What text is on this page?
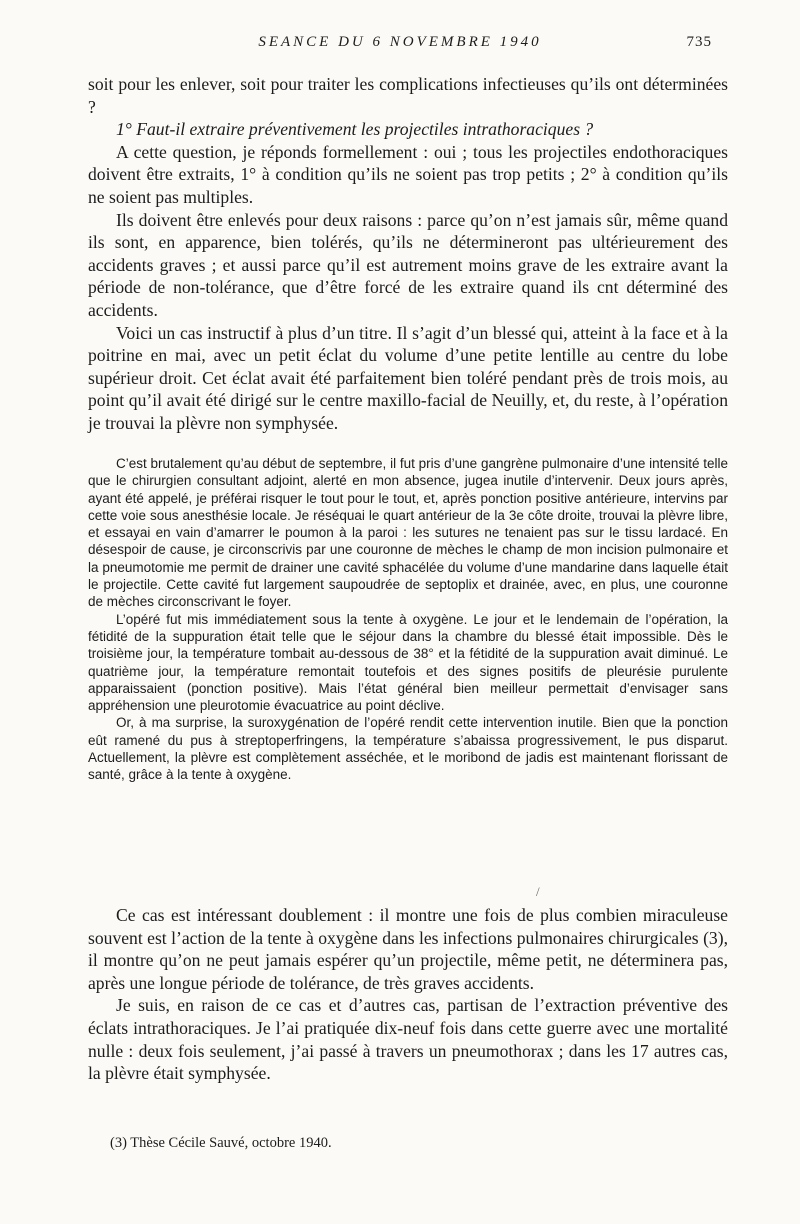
SEANCE DU 6 NOVEMBRE 1940	735

soit pour les enlever, soit pour traiter les complications infectieuses qu’ils ont déterminées ?

1° Faut-il extraire préventivement les projectiles intrathoraciques ?

A cette question, je réponds formellement : oui ; tous les projectiles endothoraciques doivent être extraits, 1° à condition qu’ils ne soient pas trop petits ; 2° à condition qu’ils ne soient pas multiples.

Ils doivent être enlevés pour deux raisons : parce qu’on n’est jamais sûr, même quand ils sont, en apparence, bien tolérés, qu’ils ne détermineront pas ultérieurement des accidents graves ; et aussi parce qu’il est autrement moins grave de les extraire avant la période de non-tolérance, que d’être forcé de les extraire quand ils cnt déterminé des accidents.

Voici un cas instructif à plus d’un titre. Il s’agit d’un blessé qui, atteint à la face et à la poitrine en mai, avec un petit éclat du volume d’une petite lentille au centre du lobe supérieur droit. Cet éclat avait été parfaitement bien toléré pendant près de trois mois, au point qu’il avait été dirigé sur le centre maxillo-facial de Neuilly, et, du reste, à l’opération je trouvai la plèvre non symphysée.

C’est brutalement qu’au début de septembre, il fut pris d’une gangrène pulmonaire d’une intensité telle que le chirurgien consultant adjoint, alerté en mon absence, jugea inutile d’intervenir. Deux jours après, ayant été appelé, je préférai risquer le tout pour le tout, et, après ponction positive antérieure, intervins par cette voie sous anesthésie locale. Je réséquai le quart antérieur de la 3e côte droite, trouvai la plèvre libre, et essayai en vain d’amarrer le poumon à la paroi : les sutures ne tenaient pas sur le tissu lardacé. En désespoir de cause, je circonscrivis par une couronne de mèches le champ de mon incision pulmonaire et la pneumotomie me permit de drainer une cavité sphacélée du volume d’une mandarine dans laquelle était le projectile. Cette cavité fut largement saupoudrée de septoplix et drainée, avec, en plus, une couronne de mèches circonscrivant le foyer.

L’opéré fut mis immédiatement sous la tente à oxygène. Le jour et le lendemain de l’opération, la fétidité de la suppuration était telle que le séjour dans la chambre du blessé était impossible. Dès le troisième jour, la température tombait au-dessous de 38° et la fétidité de la suppuration avait diminué. Le quatrième jour, la température remontait toutefois et des signes positifs de pleurésie purulente apparaissaient (ponction positive). Mais l’état général bien meilleur permettait d’envisager sans appréhension une pleurotomie évacuatrice au point déclive.

Or, à ma surprise, la suroxygénation de l’opéré rendit cette intervention inutile. Bien que la ponction eût ramené du pus à streptoperfringens, la température s’abaissa progressivement, le pus disparut. Actuellement, la plèvre est complètement asséchée, et le moribond de jadis est maintenant florissant de santé, grâce à la tente à oxygène.

/

Ce cas est intéressant doublement : il montre une fois de plus combien miraculeuse souvent est l’action de la tente à oxygène dans les infections pulmonaires chirurgicales (3), il montre qu’on ne peut jamais espérer qu’un projectile, même petit, ne déterminera pas, après une longue période de tolérance, de très graves accidents.

Je suis, en raison de ce cas et d’autres cas, partisan de l’extraction préventive des éclats intrathoraciques. Je l’ai pratiquée dix-neuf fois dans cette guerre avec une mortalité nulle : deux fois seulement, j’ai passé à travers un pneumothorax ; dans les 17 autres cas, la plèvre était symphysée.

(3) Thèse Cécile Sauvé, octobre 1940.
